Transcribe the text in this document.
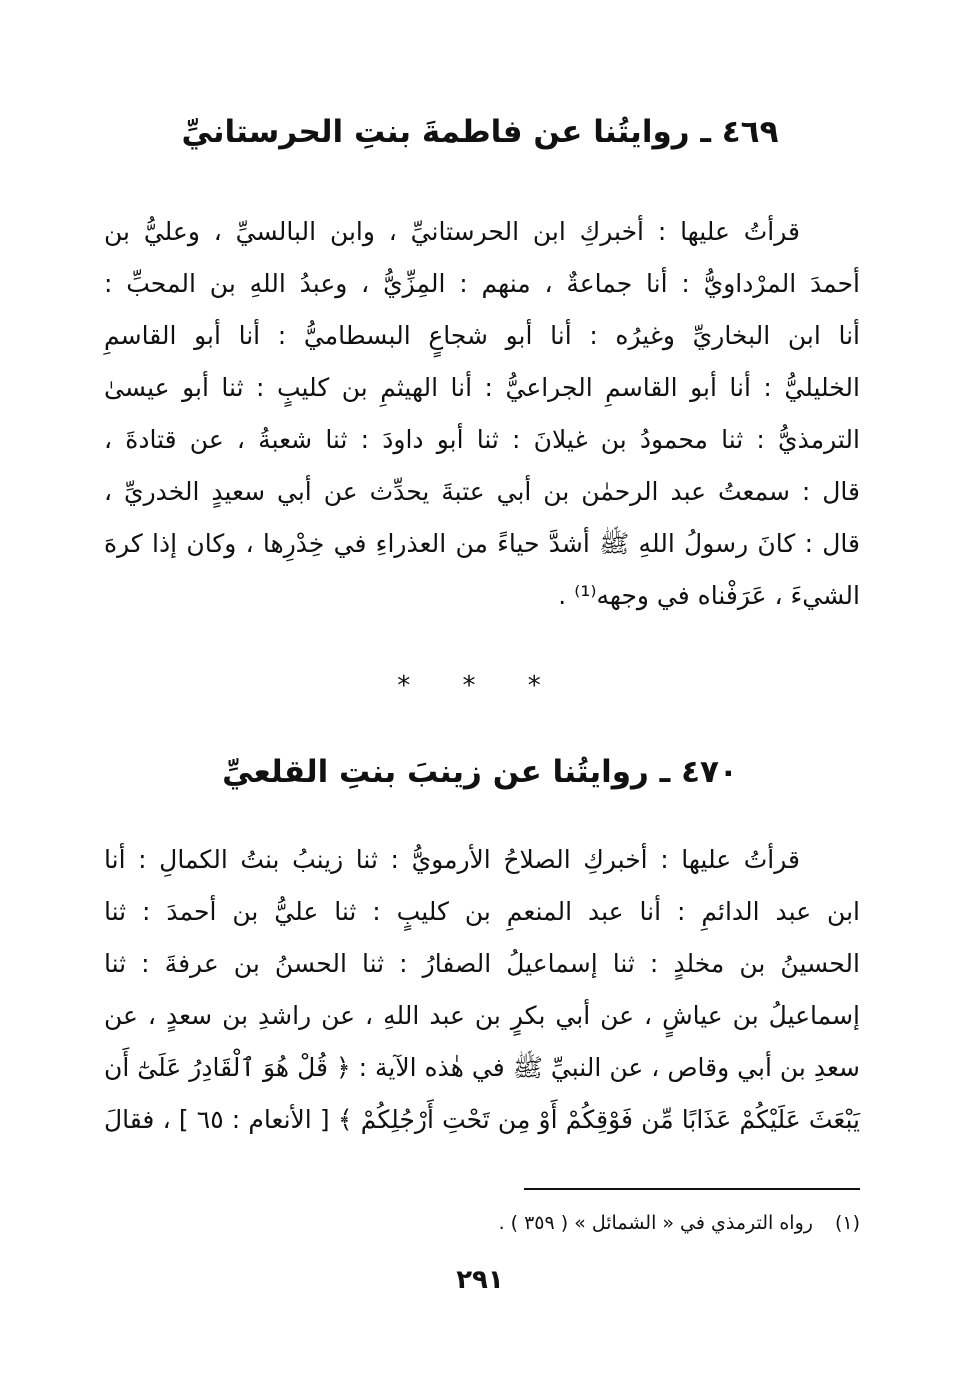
٤٦٩ ـ روايتُنا عن فاطمةَ بنتِ الحرستانيِّ
قرأتُ عليها : أخبركِ ابن الحرستانيِّ ، وابن البالسيِّ ، وعليُّ بن
أحمدَ المرْداويُّ : أنا جماعةٌ ، منهم : المِزِّيُّ ، وعبدُ اللهِ بن المحبِّ :
أنا ابن البخاريِّ وغيرُه : أنا أبو شجاعٍ البسطاميُّ : أنا أبو القاسمِ
الخليليُّ : أنا أبو القاسمِ الجراعيُّ : أنا الهيثمِ بن كليبٍ : ثنا أبو عيسىٰ
الترمذيُّ : ثنا محمودُ بن غيلانَ : ثنا أبو داودَ : ثنا شعبةُ ، عن قتادةَ ،
قال : سمعتُ عبد الرحمٰن بن أبي عتبةَ يحدِّث عن أبي سعيدٍ الخدريِّ ،
قال : كانَ رسولُ اللهِ ﷺ أشدَّ حياءً من العذراءِ في خِدْرِها ، وكان إذا كرهَ
الشيءَ ، عَرَفْناه في وجهه⁽¹⁾ .
* * *
٤٧٠ ـ روايتُنا عن زينبَ بنتِ القلعيِّ
قرأتُ عليها : أخبركِ الصلاحُ الأرمويُّ : ثنا زينبُ بنتُ الكمالِ : أنا
ابن عبد الدائمِ : أنا عبد المنعمِ بن كليبٍ : ثنا عليُّ بن أحمدَ : ثنا
الحسينُ بن مخلدٍ : ثنا إسماعيلُ الصفارُ : ثنا الحسنُ بن عرفةَ : ثنا
إسماعيلُ بن عياشٍ ، عن أبي بكرٍ بن عبد اللهِ ، عن راشدِ بن سعدٍ ، عن
سعدِ بن أبي وقاص ، عن النبيِّ ﷺ في هٰذه الآية : ﴿ قُلْ هُوَ ٱلْقَادِرُ عَلَىٰٓ أَن
يَبْعَثَ عَلَيْكُمْ عَذَابًا مِّن فَوْقِكُمْ أَوْ مِن تَحْتِ أَرْجُلِكُمْ ﴾ [ الأنعام : ٦٥ ] ، فقالَ
(١)رواه الترمذي في « الشمائل » ( ٣٥٩ ) .
٢٩١
